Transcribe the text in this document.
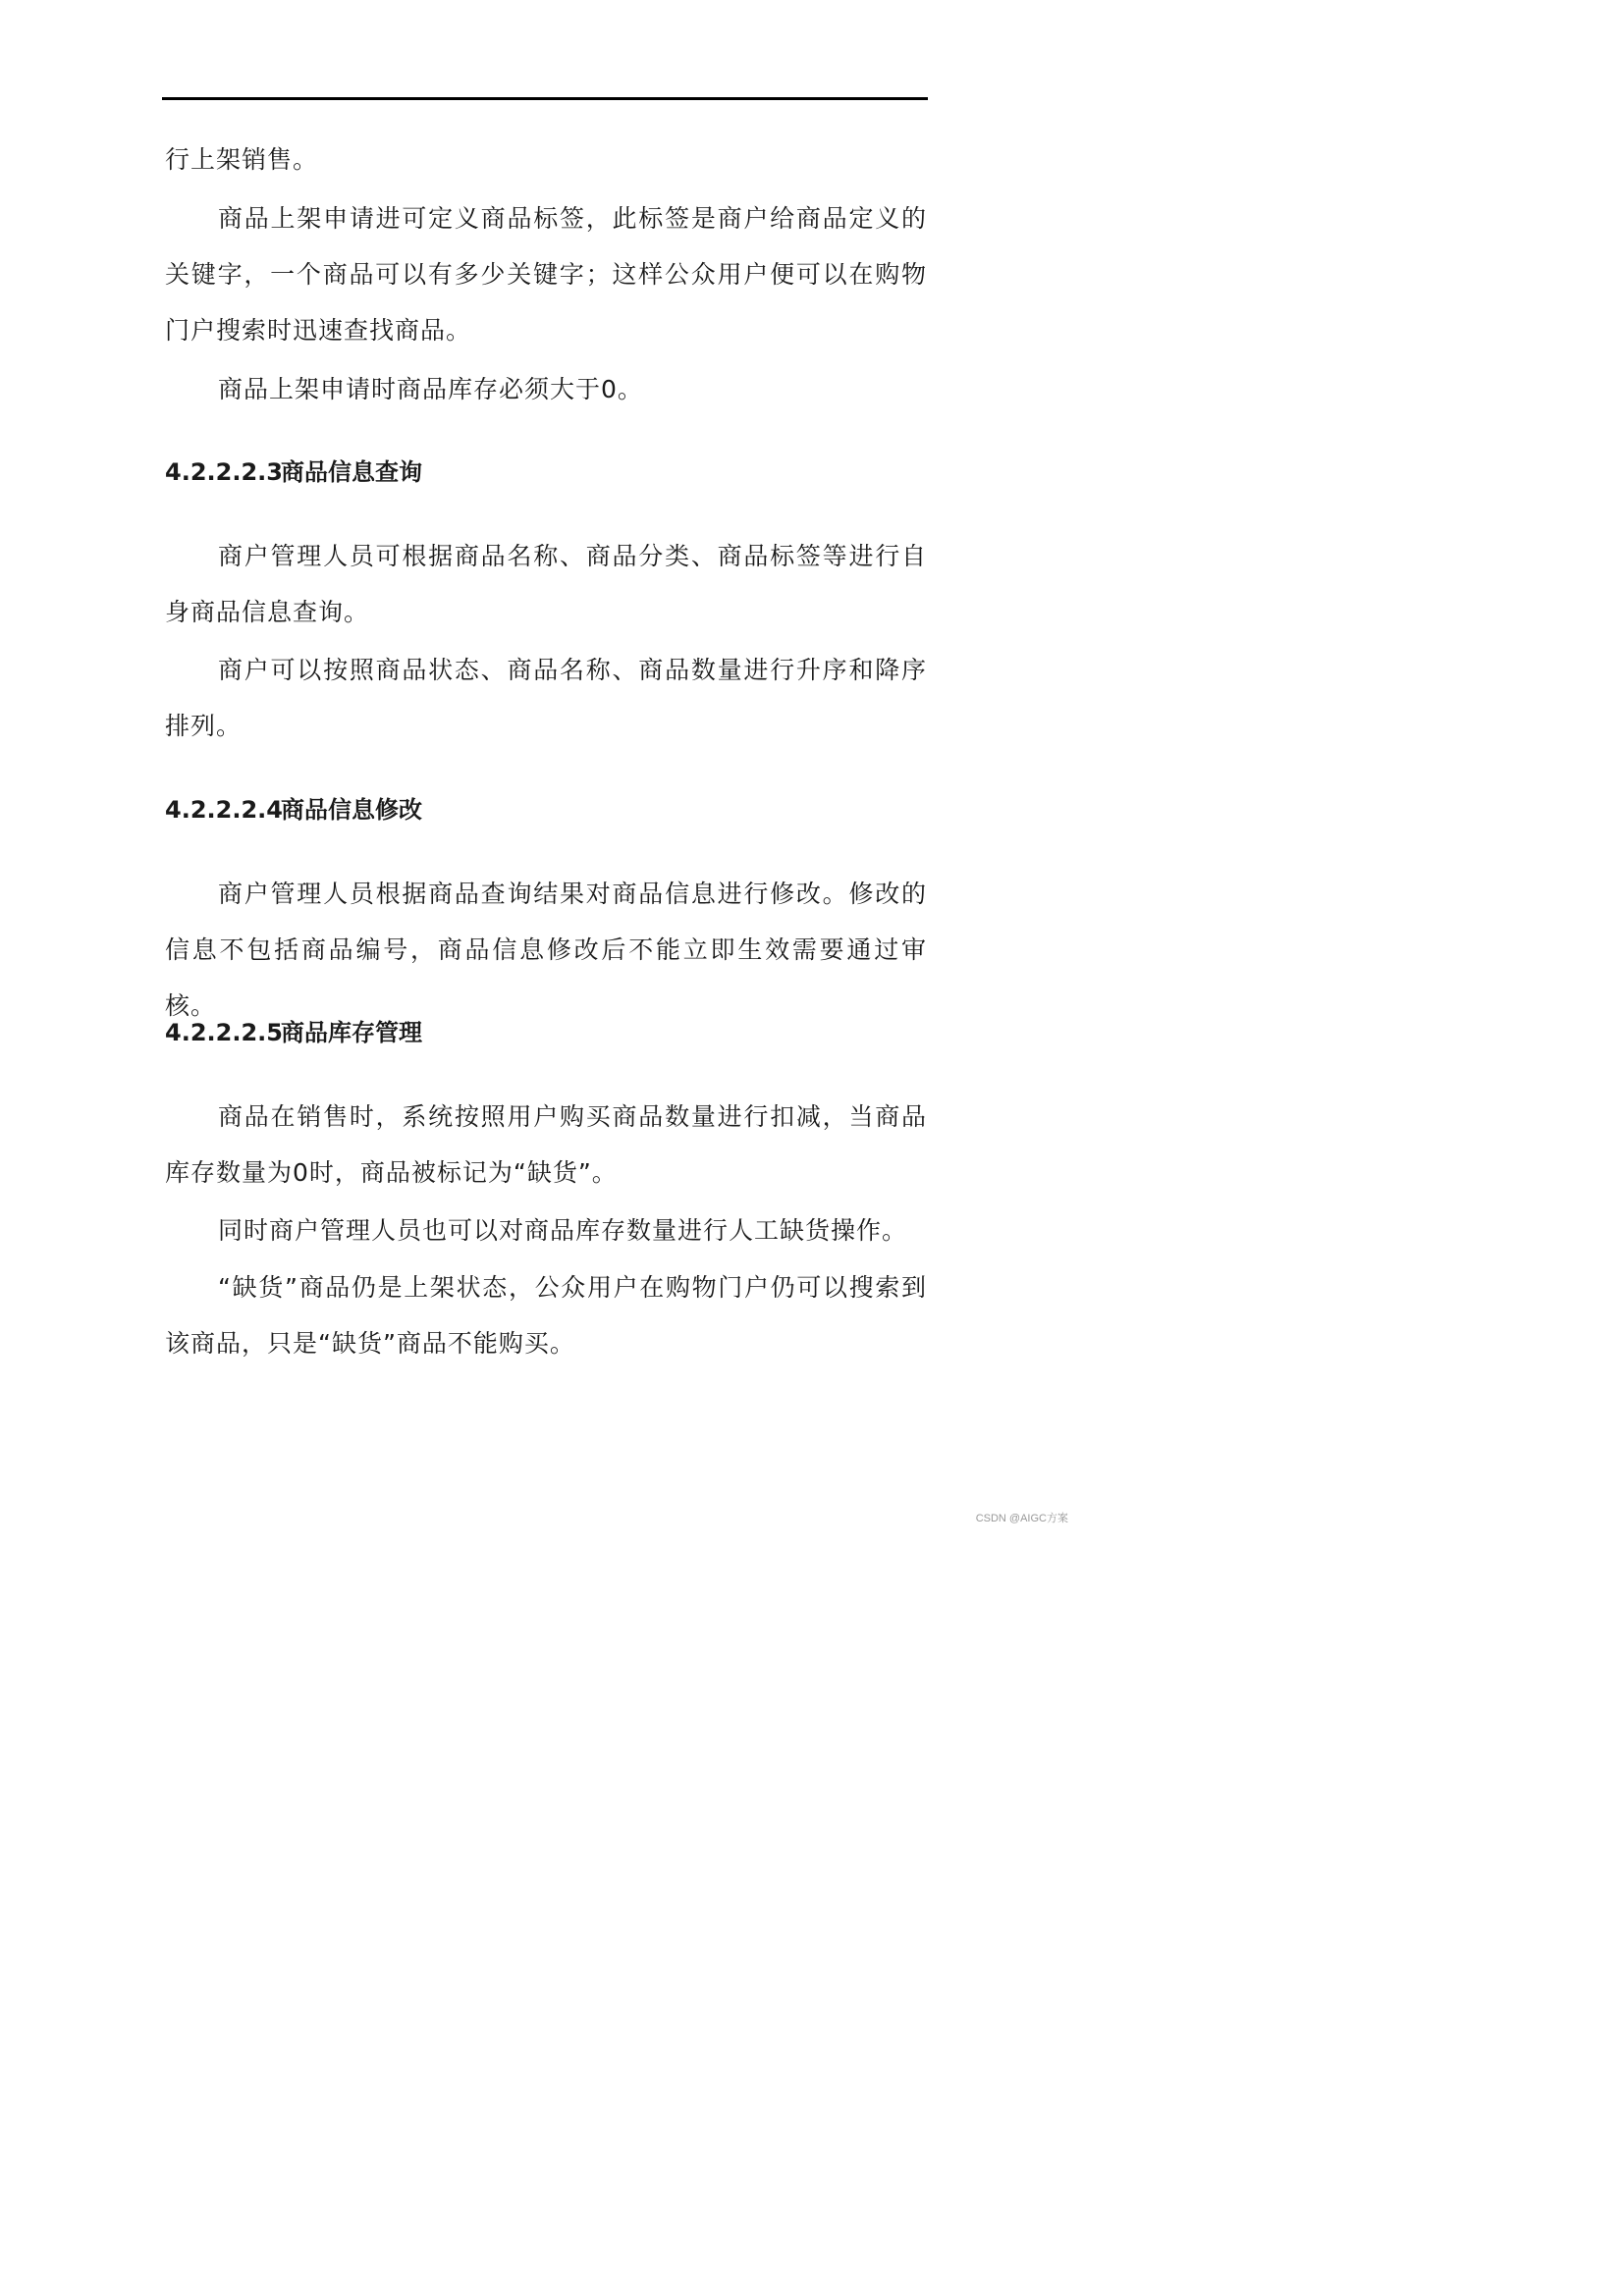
行上架销售。

商品上架申请进可定义商品标签，此标签是商户给商品定义的关键字，一个商品可以有多少关键字；这样公众用户便可以在购物门户搜索时迅速查找商品。

商品上架申请时商品库存必须大于0。

4.2.2.2.3商品信息查询

商户管理人员可根据商品名称、商品分类、商品标签等进行自身商品信息查询。

商户可以按照商品状态、商品名称、商品数量进行升序和降序排列。

4.2.2.2.4商品信息修改

商户管理人员根据商品查询结果对商品信息进行修改。修改的信息不包括商品编号，商品信息修改后不能立即生效需要通过审核。

4.2.2.2.5商品库存管理

商品在销售时，系统按照用户购买商品数量进行扣减，当商品库存数量为0时，商品被标记为“缺货”。

同时商户管理人员也可以对商品库存数量进行人工缺货操作。

“缺货”商品仍是上架状态，公众用户在购物门户仍可以搜索到该商品，只是“缺货”商品不能购买。

CSDN @AIGC方案
